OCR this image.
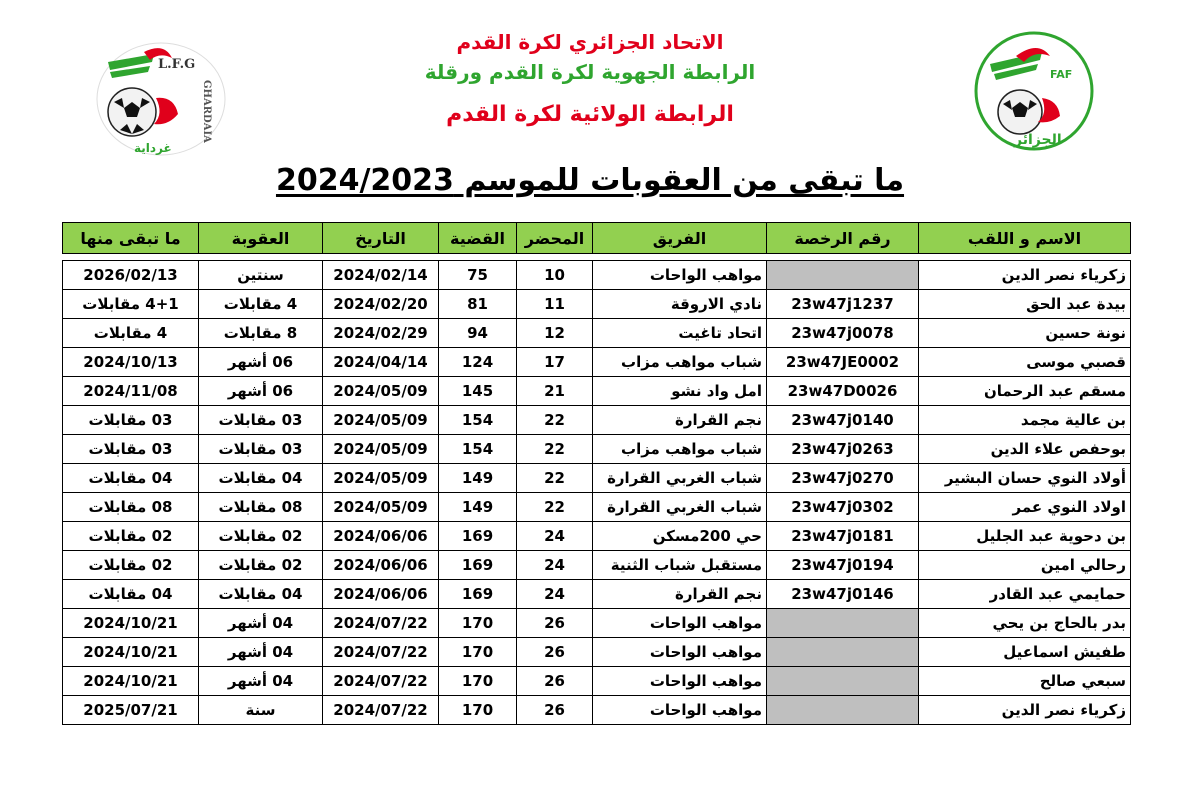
L.F.G
GHARDAIA
غرداية
FAF
الجزائر
الاتحاد الجزائري لكرة القدم
الرابطة الجهوية لكرة القدم ورقلة
الرابطة الولائية لكرة القدم
ما تبقى من العقوبات للموسم 2024/2023
الاسم و اللقب	رقم الرخصة	الفريق	المحضر	القضية	التاريخ	العقوبة	ما تبقى منها

زكرياء نصر الدين		مواهب الواحات	10	75	2024/02/14	سنتين	2026/02/13
بيدة عبد الحق	23w47j1237	نادي الاروقة	11	81	2024/02/20	4 مقابلات	4+1 مقابلات
نونة حسين	23w47j0078	اتحاد تاغيت	12	94	2024/02/29	8 مقابلات	4 مقابلات
قصبي موسى	23w47JE0002	شباب مواهب مزاب	17	124	2024/04/14	06 أشهر	2024/10/13
مسقم عبد الرحمان	23w47D0026	امل واد نشو	21	145	2024/05/09	06 أشهر	2024/11/08
بن عالية مجمد	23w47j0140	نجم القرارة	22	154	2024/05/09	03 مقابلات	03 مقابلات
بوحفص علاء الدين	23w47j0263	شباب مواهب مزاب	22	154	2024/05/09	03 مقابلات	03 مقابلات
أولاد النوي حسان البشير	23w47j0270	شباب الغربي القرارة	22	149	2024/05/09	04 مقابلات	04 مقابلات
اولاد النوي عمر	23w47j0302	شباب الغربي القرارة	22	149	2024/05/09	08 مقابلات	08 مقابلات
بن دحوية عبد الجليل	23w47j0181	حي 200مسكن	24	169	2024/06/06	02 مقابلات	02 مقابلات
رحالي امين	23w47j0194	مستقبل شباب الثنية	24	169	2024/06/06	02 مقابلات	02 مقابلات
حمايمي عبد القادر	23w47j0146	نجم القرارة	24	169	2024/06/06	04 مقابلات	04 مقابلات
بدر بالحاج بن يحي		مواهب الواحات	26	170	2024/07/22	04 أشهر	2024/10/21
طفيش اسماعيل		مواهب الواحات	26	170	2024/07/22	04 أشهر	2024/10/21
سبعي صالح		مواهب الواحات	26	170	2024/07/22	04 أشهر	2024/10/21
زكرياء نصر الدين		مواهب الواحات	26	170	2024/07/22	سنة	2025/07/21
